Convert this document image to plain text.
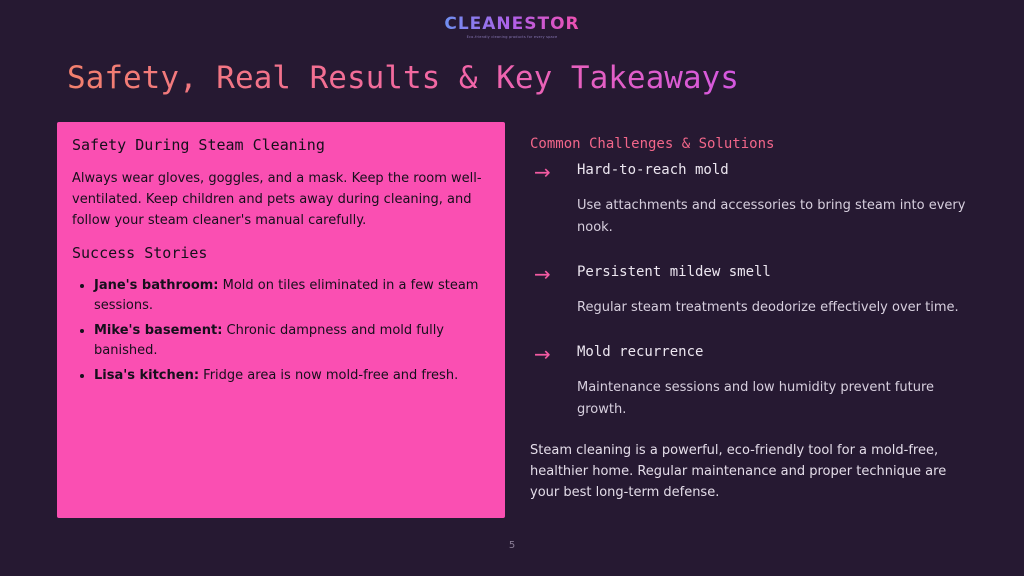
CLEANESTOR
Eco-friendly cleaning products for every space
Safety, Real Results & Key Takeaways
Safety During Steam Cleaning

Always wear gloves, goggles, and a mask. Keep the room well-ventilated. Keep children and pets away during cleaning, and follow your steam cleaner's manual carefully.

Success Stories
• Jane's bathroom: Mold on tiles eliminated in a few steam sessions.
• Mike's basement: Chronic dampness and mold fully banished.
• Lisa's kitchen: Fridge area is now mold-free and fresh.
Common Challenges & Solutions
→ Hard-to-reach mold

Use attachments and accessories to bring steam into every nook.

→ Persistent mildew smell

Regular steam treatments deodorize effectively over time.

→ Mold recurrence

Maintenance sessions and low humidity prevent future growth.

Steam cleaning is a powerful, eco-friendly tool for a mold-free, healthier home. Regular maintenance and proper technique are your best long-term defense.

5
